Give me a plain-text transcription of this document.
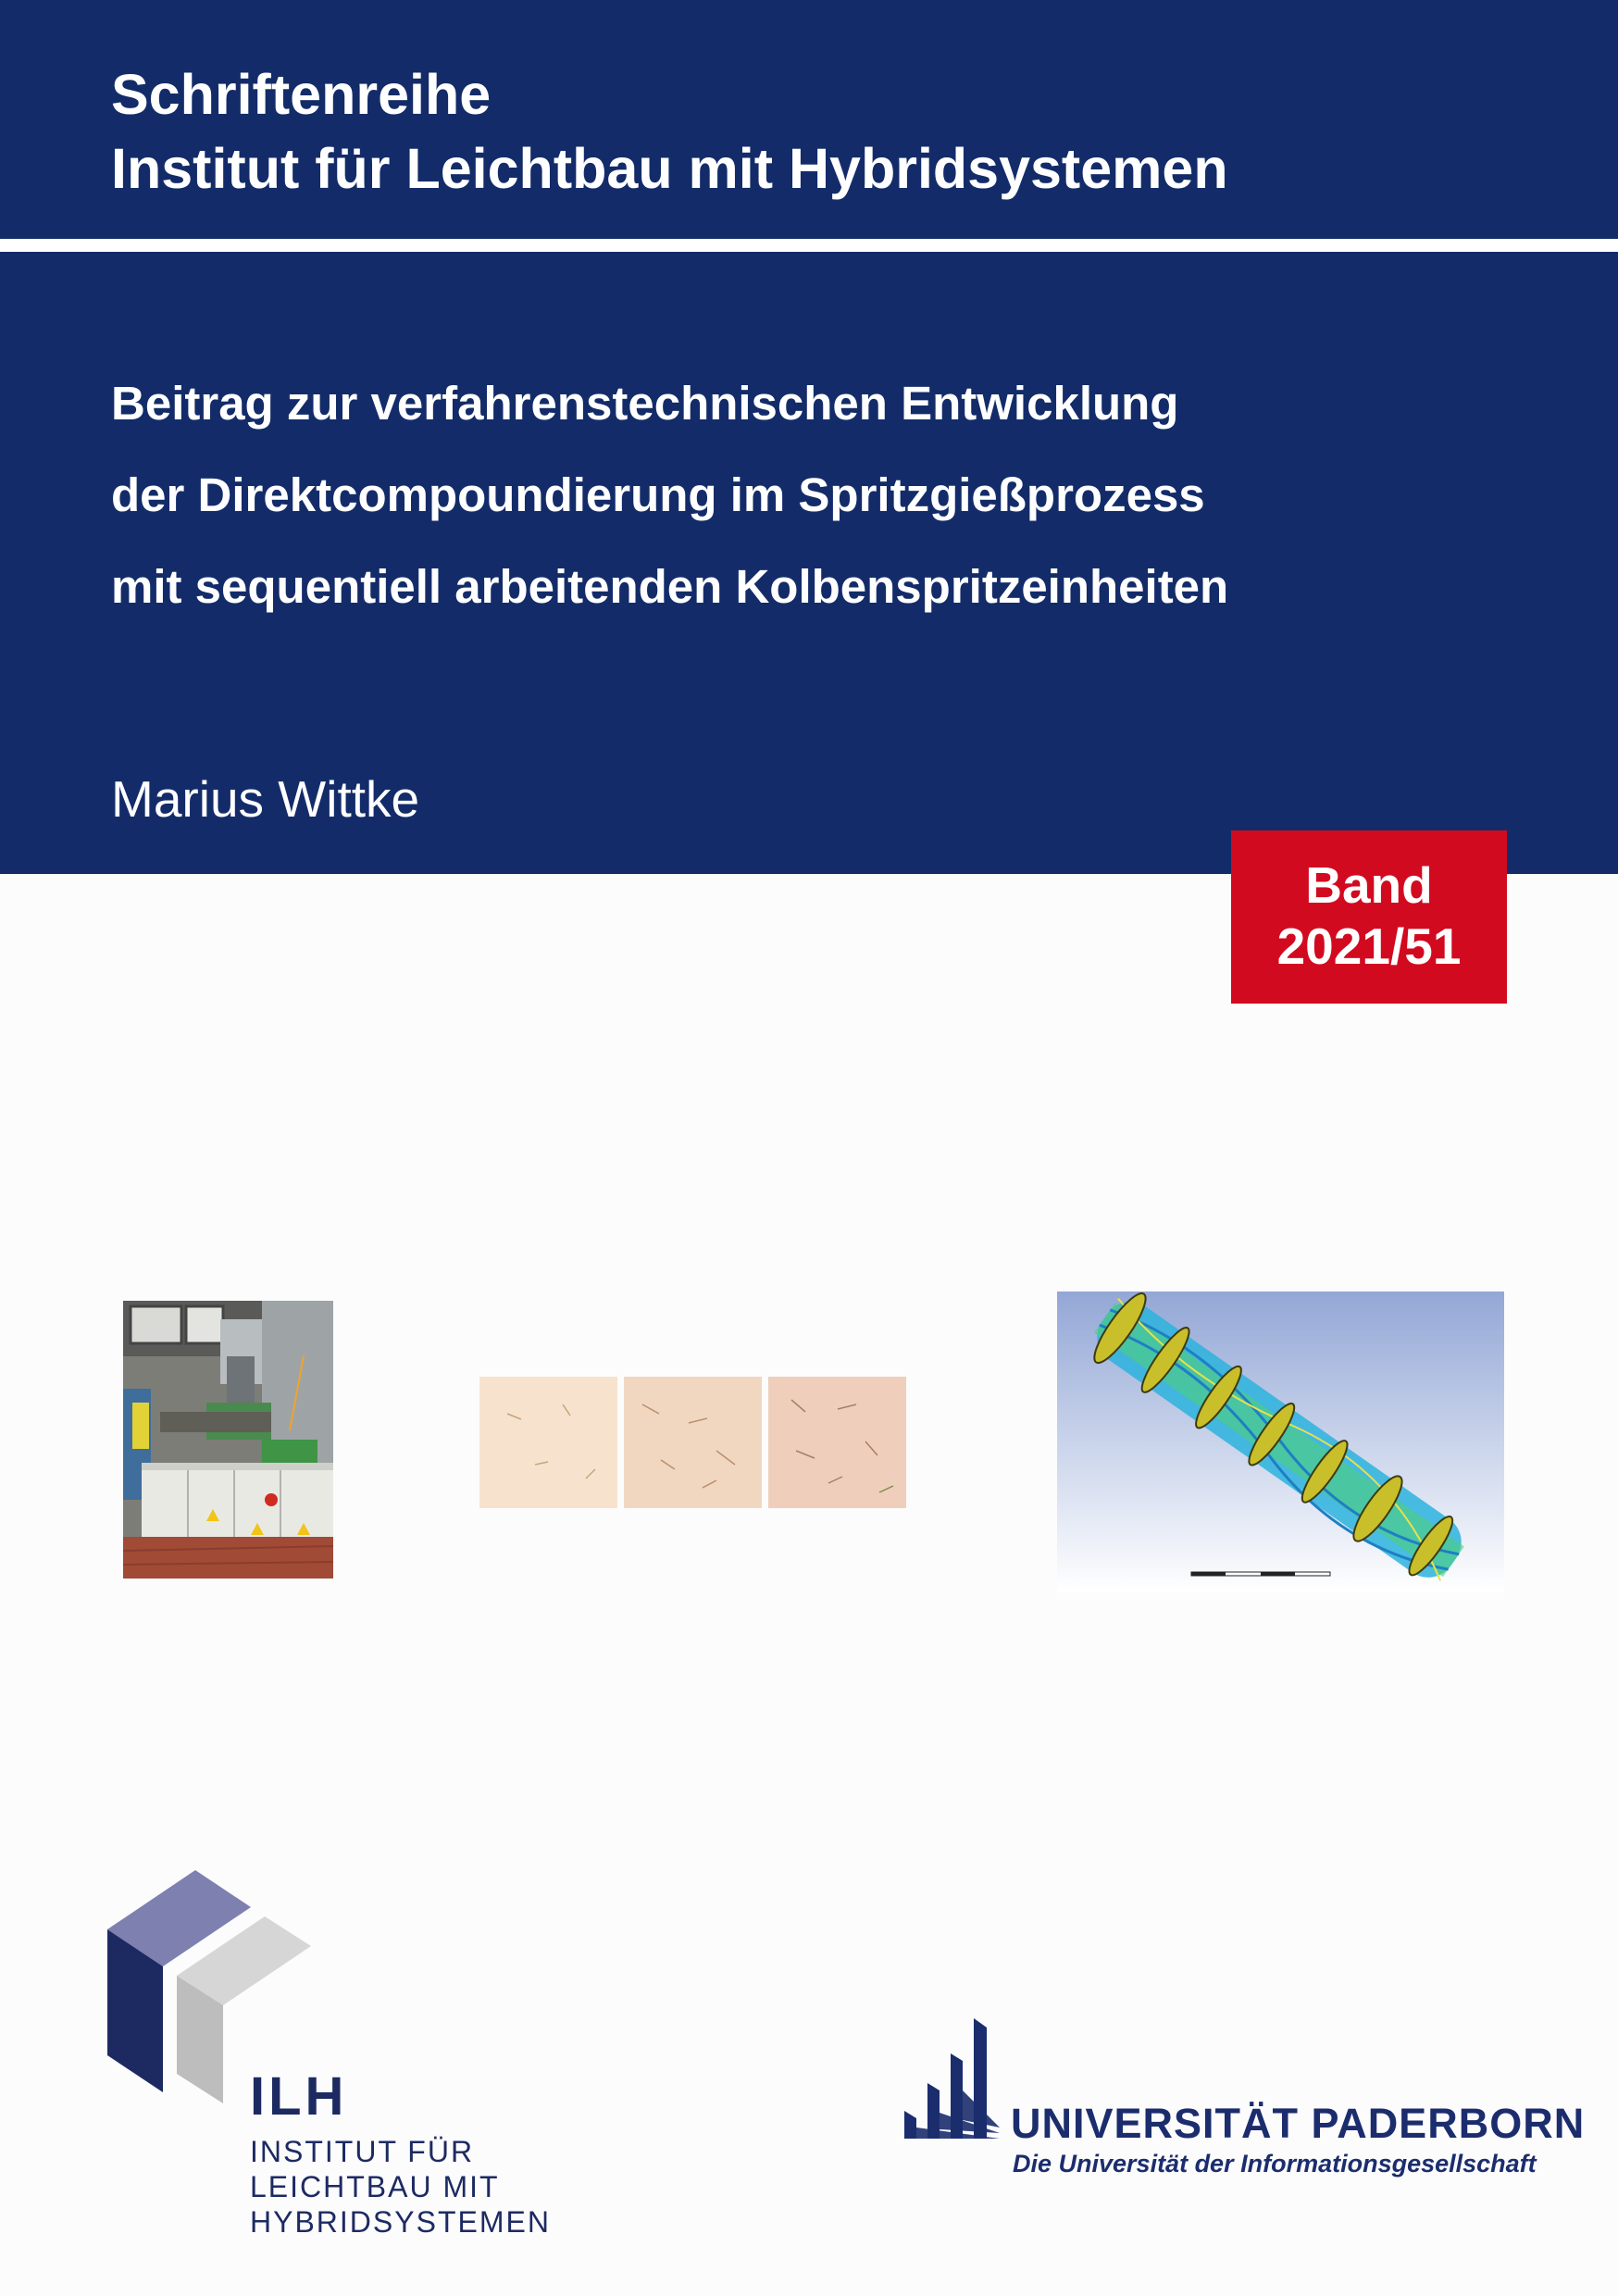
Schriftenreihe
Institut für Leichtbau mit Hybridsystemen
Beitrag zur verfahrenstechnischen Entwicklung
der Direktcompoundierung im Spritzgießprozess
mit sequentiell arbeitenden Kolbenspritzeinheiten
Marius Wittke
Band
2021/51
ILH
INSTITUT FÜR
LEICHTBAU MIT
HYBRIDSYSTEMEN
UNIVERSITÄT PADERBORN
Die Universität der Informationsgesellschaft
